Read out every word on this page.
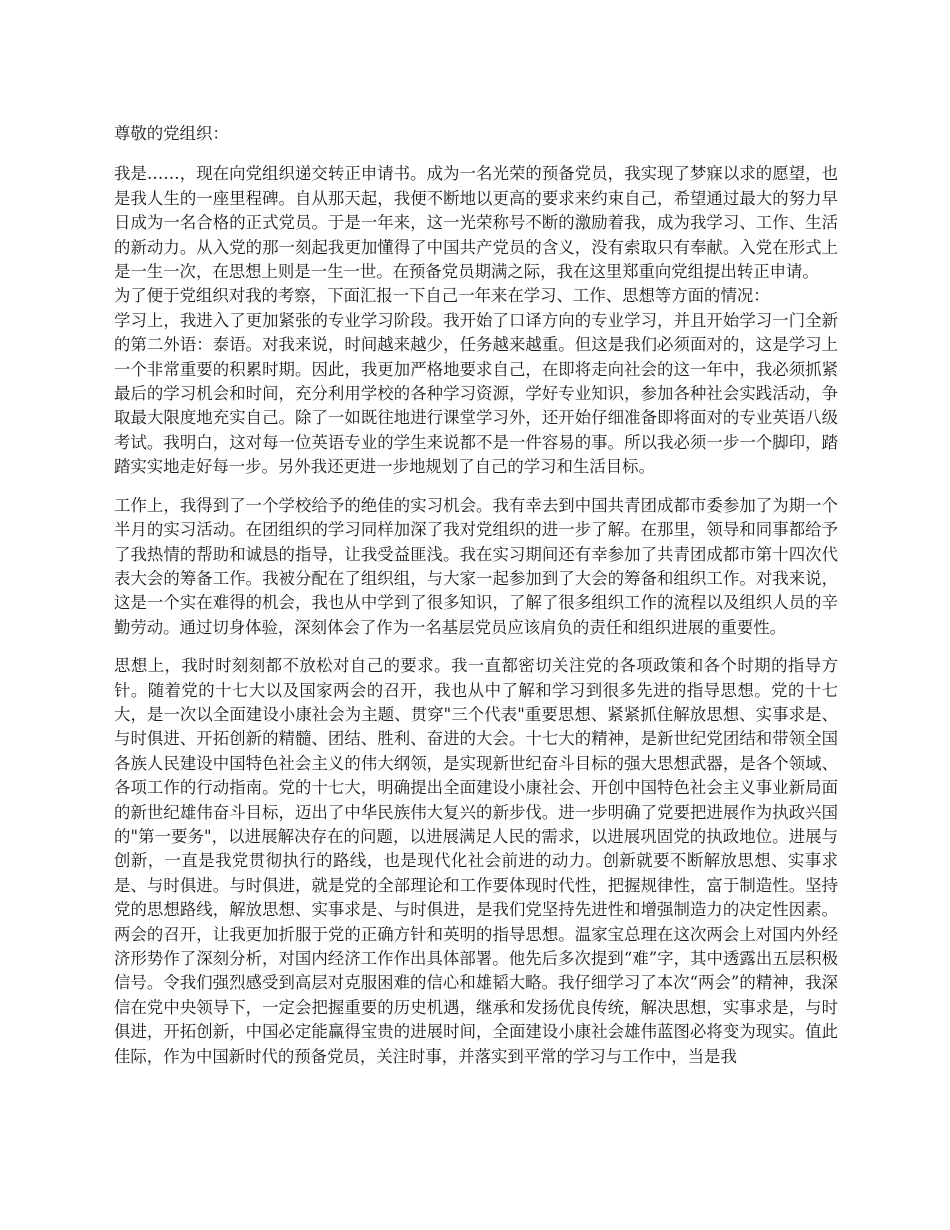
尊敬的党组织：

我是……，现在向党组织递交转正申请书。成为一名光荣的预备党员，我实现了梦寐以求的愿望，也是我人生的一座里程碑。自从那天起，我便不断地以更高的要求来约束自己，希望通过最大的努力早日成为一名合格的正式党员。于是一年来，这一光荣称号不断的激励着我，成为我学习、工作、生活的新动力。从入党的那一刻起我更加懂得了中国共产党员的含义，没有索取只有奉献。入党在形式上是一生一次，在思想上则是一生一世。在预备党员期满之际，我在这里郑重向党组提出转正申请。

为了便于党组织对我的考察，下面汇报一下自己一年来在学习、工作、思想等方面的情况：

学习上，我进入了更加紧张的专业学习阶段。我开始了口译方向的专业学习，并且开始学习一门全新的第二外语：泰语。对我来说，时间越来越少，任务越来越重。但这是我们必须面对的，这是学习上一个非常重要的积累时期。因此，我更加严格地要求自己，在即将走向社会的这一年中，我必须抓紧最后的学习机会和时间，充分利用学校的各种学习资源，学好专业知识，参加各种社会实践活动，争取最大限度地充实自己。除了一如既往地进行课堂学习外，还开始仔细准备即将面对的专业英语八级考试。我明白，这对每一位英语专业的学生来说都不是一件容易的事。所以我必须一步一个脚印，踏踏实实地走好每一步。另外我还更进一步地规划了自己的学习和生活目标。

工作上，我得到了一个学校给予的绝佳的实习机会。我有幸去到中国共青团成都市委参加了为期一个半月的实习活动。在团组织的学习同样加深了我对党组织的进一步了解。在那里，领导和同事都给予了我热情的帮助和诚恳的指导，让我受益匪浅。我在实习期间还有幸参加了共青团成都市第十四次代表大会的筹备工作。我被分配在了组织组，与大家一起参加到了大会的筹备和组织工作。对我来说，这是一个实在难得的机会，我也从中学到了很多知识，了解了很多组织工作的流程以及组织人员的辛勤劳动。通过切身体验，深刻体会了作为一名基层党员应该肩负的责任和组织进展的重要性。

思想上，我时时刻刻都不放松对自己的要求。我一直都密切关注党的各项政策和各个时期的指导方针。随着党的十七大以及国家两会的召开，我也从中了解和学习到很多先进的指导思想。党的十七大，是一次以全面建设小康社会为主题、贯穿"三个代表"重要思想、紧紧抓住解放思想、实事求是、与时俱进、开拓创新的精髓、团结、胜利、奋进的大会。十七大的精神，是新世纪党团结和带领全国各族人民建设中国特色社会主义的伟大纲领，是实现新世纪奋斗目标的强大思想武器，是各个领域、各项工作的行动指南。党的十七大，明确提出全面建设小康社会、开创中国特色社会主义事业新局面的新世纪雄伟奋斗目标，迈出了中华民族伟大复兴的新步伐。进一步明确了党要把进展作为执政兴国的"第一要务"，以进展解决存在的问题，以进展满足人民的需求，以进展巩固党的执政地位。进展与创新，一直是我党贯彻执行的路线，也是现代化社会前进的动力。创新就要不断解放思想、实事求是、与时俱进。与时俱进，就是党的全部理论和工作要体现时代性，把握规律性，富于制造性。坚持党的思想路线，解放思想、实事求是、与时俱进，是我们党坚持先进性和增强制造力的决定性因素。两会的召开，让我更加折服于党的正确方针和英明的指导思想。温家宝总理在这次两会上对国内外经济形势作了深刻分析，对国内经济工作作出具体部署。他先后多次提到“难”字，其中透露出五层积极信号。令我们强烈感受到高层对克服困难的信心和雄韬大略。我仔细学习了本次“两会”的精神，我深信在党中央领导下，一定会把握重要的历史机遇，继承和发扬优良传统，解决思想，实事求是，与时俱进，开拓创新，中国必定能赢得宝贵的进展时间，全面建设小康社会雄伟蓝图必将变为现实。值此佳际，作为中国新时代的预备党员，关注时事，并落实到平常的学习与工作中，当是我
